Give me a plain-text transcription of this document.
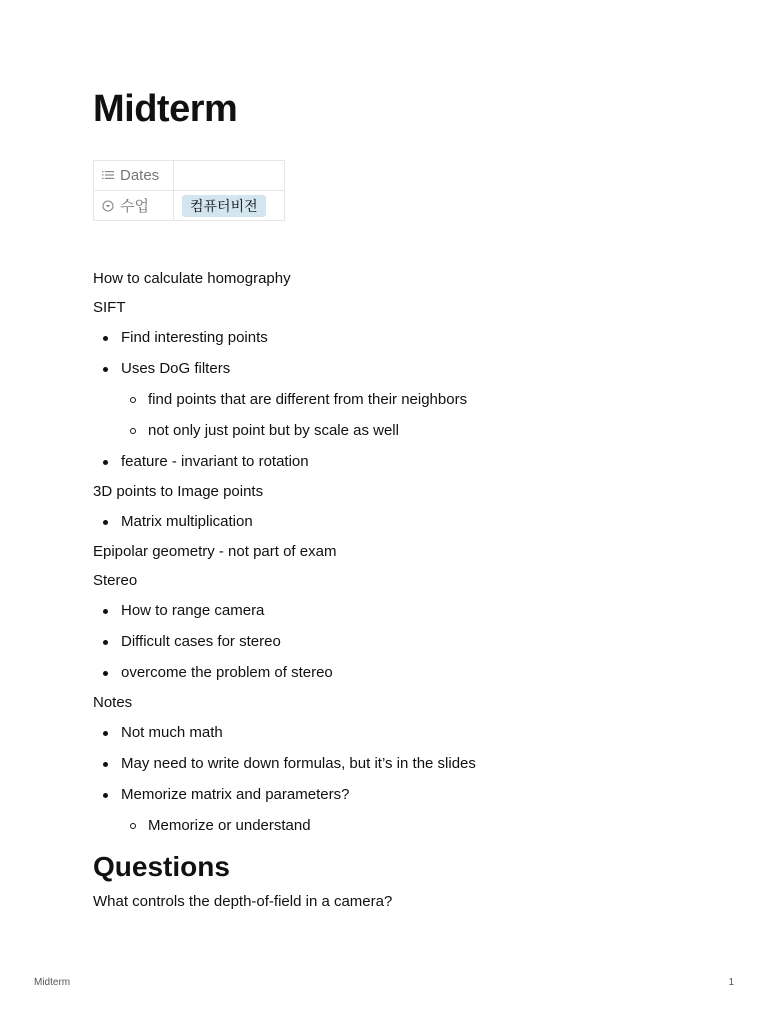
Midterm
Dates	
수업	컴퓨터비전

How to calculate homography

SIFT

Find interesting points
Uses DoG filters
find points that are different from their neighbors
not only just point but by scale as well
feature - invariant to rotation

3D points to Image points

Matrix multiplication

Epipolar geometry - not part of exam

Stereo

How to range camera
Difficult cases for stereo
overcome the problem of stereo

Notes

Not much math
May need to write down formulas, but it’s in the slides
Memorize matrix and parameters?
Memorize or understand
Questions

What controls the depth-of-field in a camera?

Midterm	1
